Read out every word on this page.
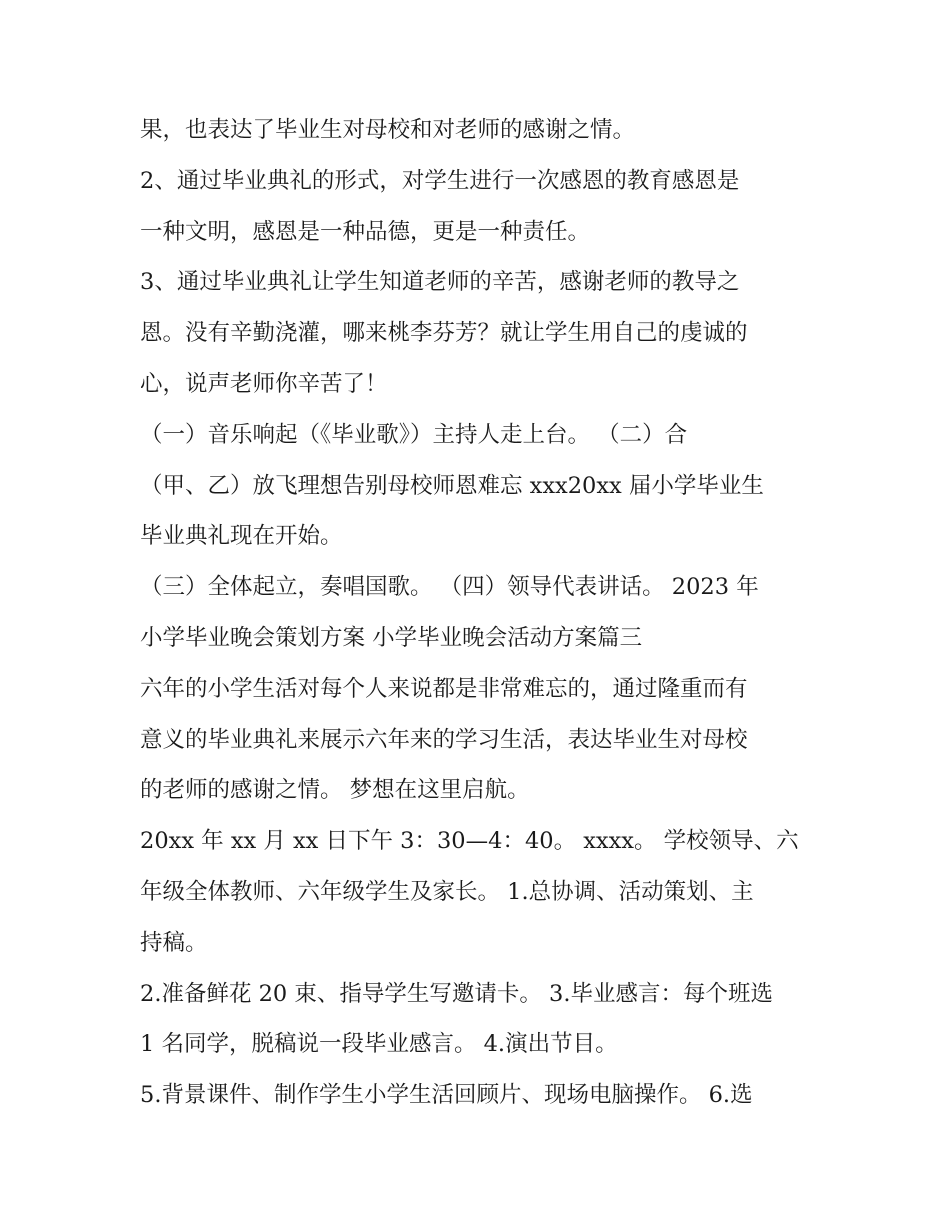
果，也表达了毕业生对母校和对老师的感谢之情。
2、通过毕业典礼的形式，对学生进行一次感恩的教育感恩是
一种文明，感恩是一种品德，更是一种责任。
3、通过毕业典礼让学生知道老师的辛苦，感谢老师的教导之
恩。没有辛勤浇灌，哪来桃李芬芳？就让学生用自己的虔诚的
心，说声老师你辛苦了！
（一）音乐响起（《毕业歌》）主持人走上台。 （二）合
（甲、乙）放飞理想告别母校师恩难忘 xxx20xx 届小学毕业生
毕业典礼现在开始。
（三）全体起立，奏唱国歌。 （四）领导代表讲话。 2023 年
小学毕业晚会策划方案 小学毕业晚会活动方案篇三
六年的小学生活对每个人来说都是非常难忘的，通过隆重而有
意义的毕业典礼来展示六年来的学习生活，表达毕业生对母校
的老师的感谢之情。 梦想在这里启航。
20xx 年 xx 月 xx 日下午 3：30—4：40。 xxxx。 学校领导、六
年级全体教师、六年级学生及家长。 1.总协调、活动策划、主
持稿。
2.准备鲜花 20 束、指导学生写邀请卡。 3.毕业感言：每个班选
1 名同学，脱稿说一段毕业感言。 4.演出节目。
5.背景课件、制作学生小学生活回顾片、现场电脑操作。 6.选
